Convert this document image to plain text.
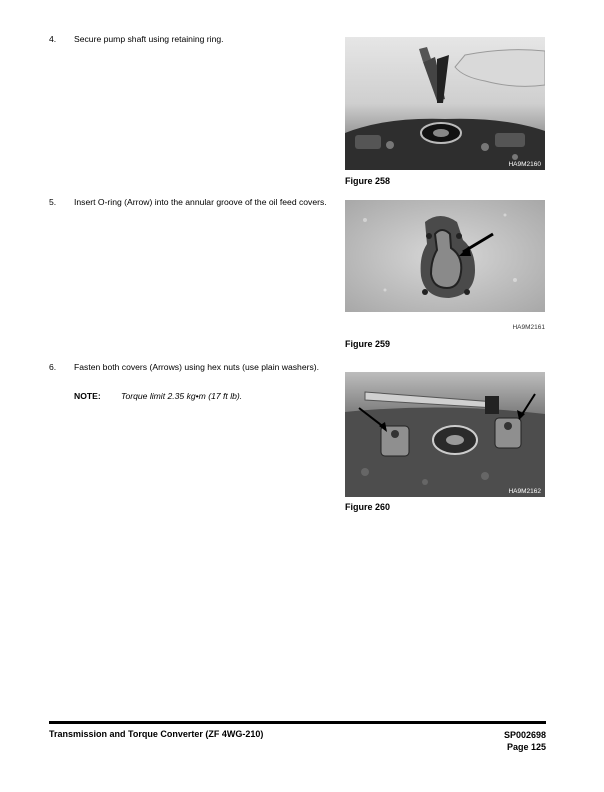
4. Secure pump shaft using retaining ring.
HA9M2160
Figure 258
5. Insert O-ring (Arrow) into the annular groove of the oil feed covers.
HA9M2161
Figure 259
6. Fasten both covers (Arrows) using hex nuts (use plain washers).
NOTE: Torque limit 2.35 kg•m (17 ft lb).
HA9M2162
Figure 260
Transmission and Torque Converter (ZF 4WG-210)	SP002698
Page 125
